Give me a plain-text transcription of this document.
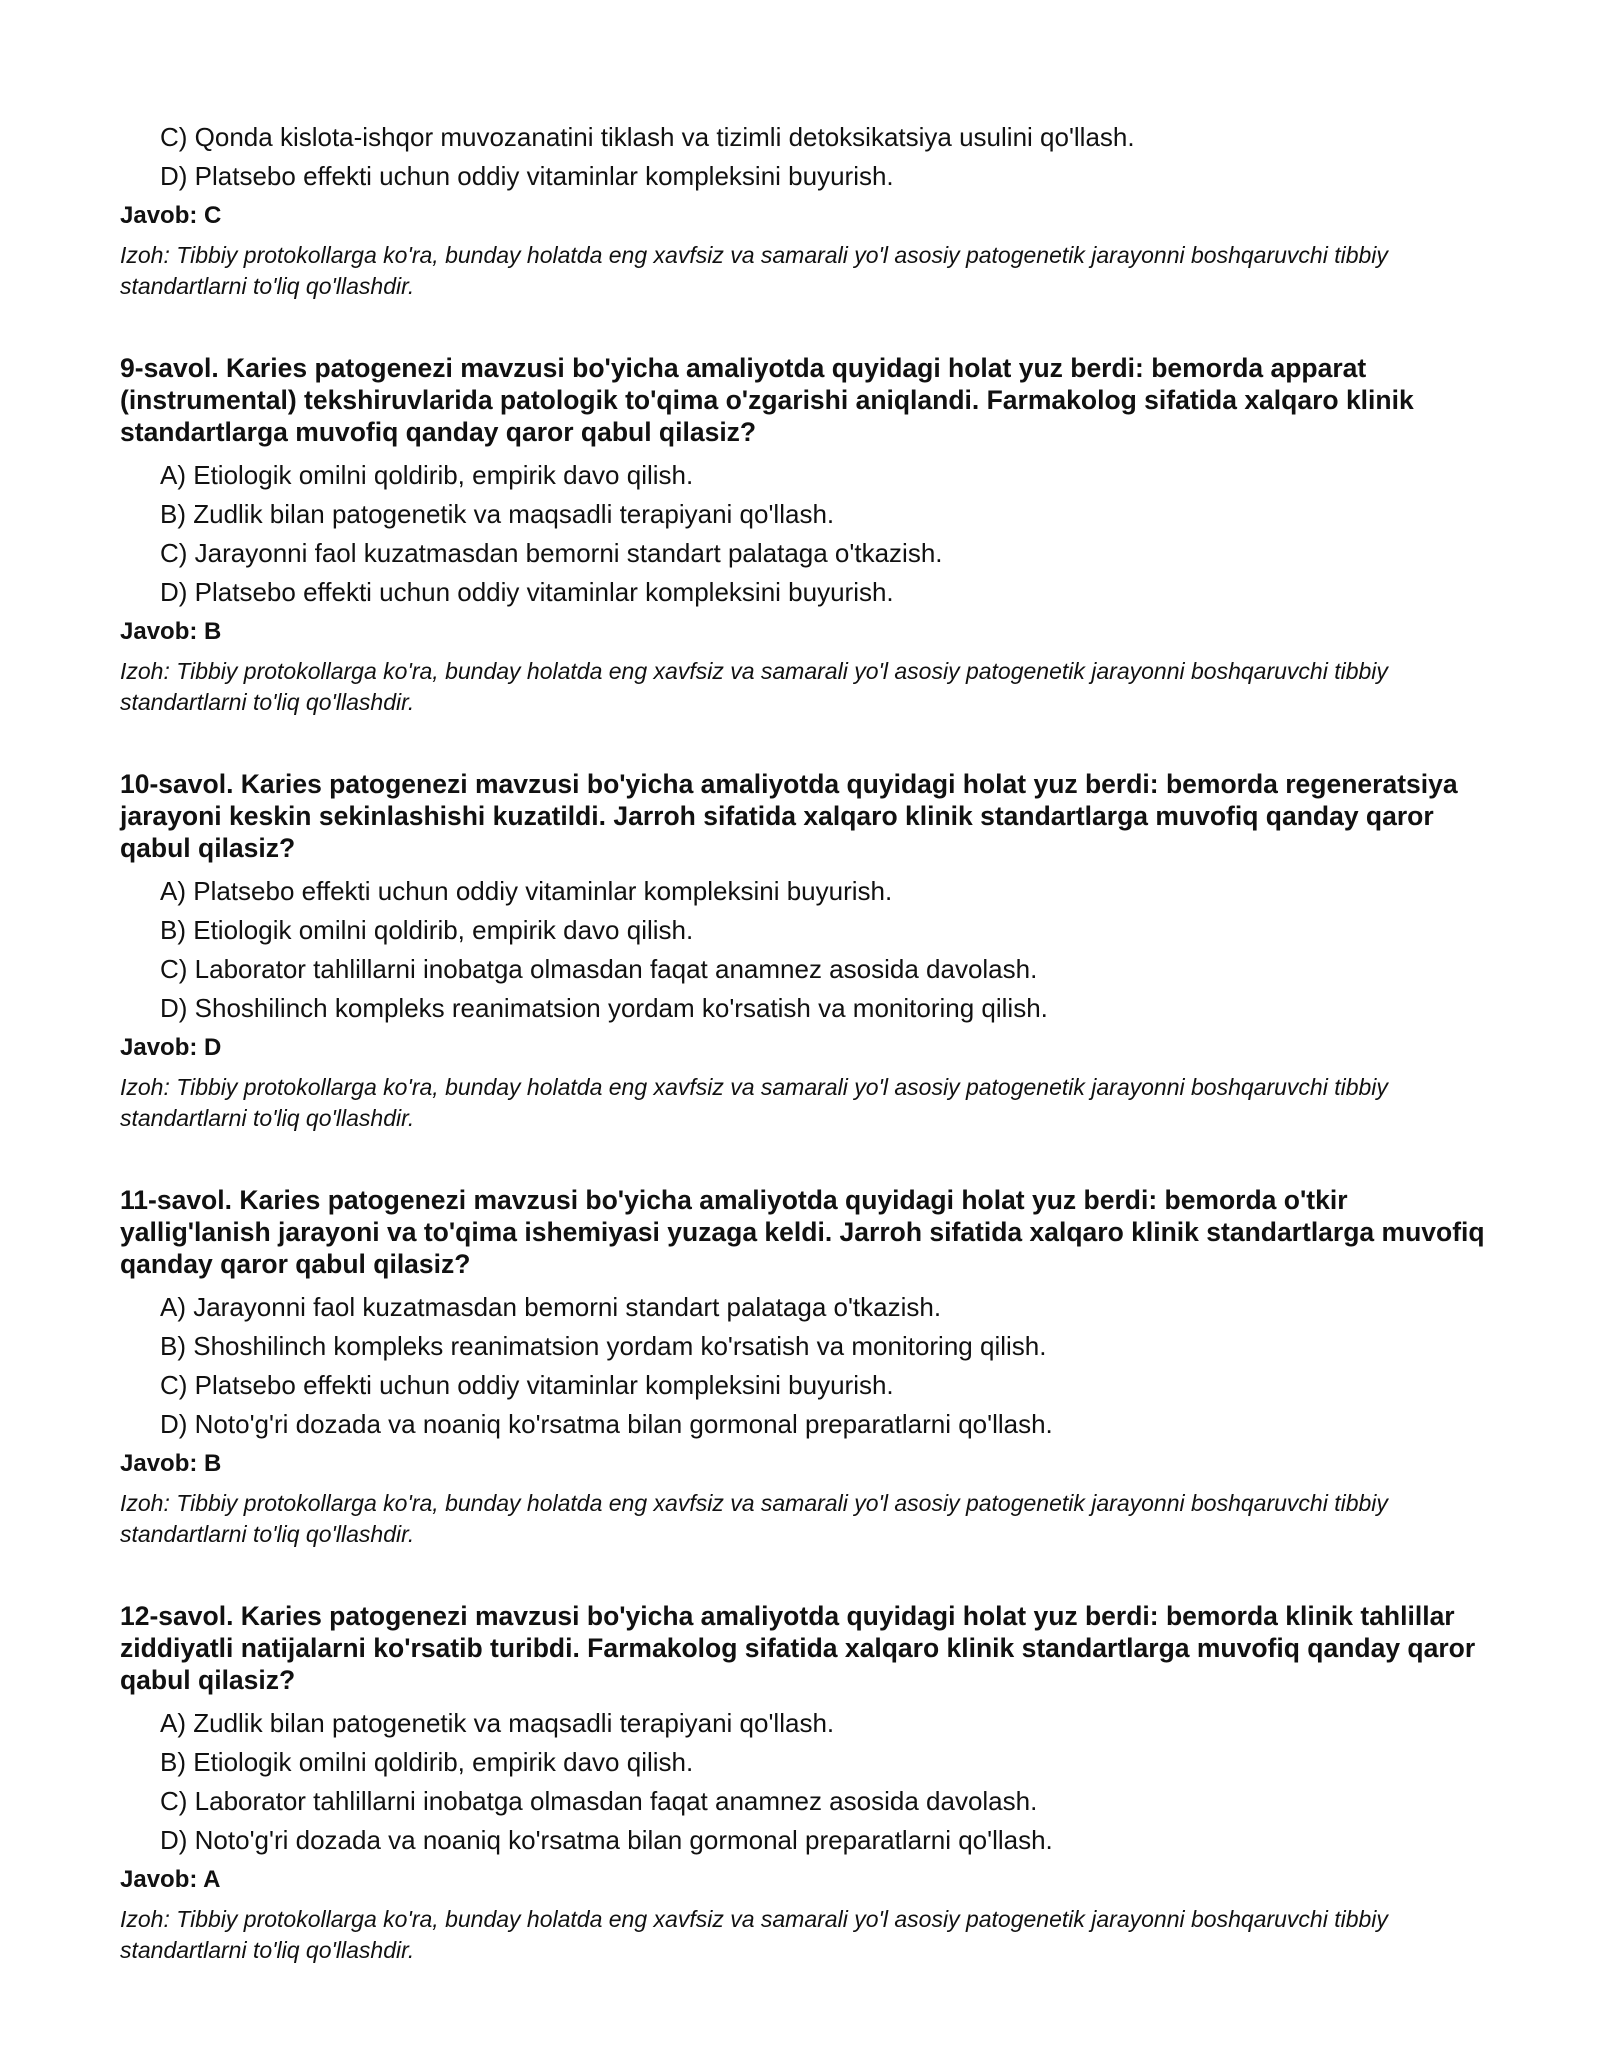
C) Qonda kislota-ishqor muvozanatini tiklash va tizimli detoksikatsiya usulini qo'llash.
D) Platsebo effekti uchun oddiy vitaminlar kompleksini buyurish.
Javob: C
Izoh: Tibbiy protokollarga ko'ra, bunday holatda eng xavfsiz va samarali yo'l asosiy patogenetik jarayonni boshqaruvchi tibbiy standartlarni to'liq qo'llashdir.
9-savol. Karies patogenezi mavzusi bo'yicha amaliyotda quyidagi holat yuz berdi: bemorda apparat (instrumental) tekshiruvlarida patologik to'qima o'zgarishi aniqlandi. Farmakolog sifatida xalqaro klinik standartlarga muvofiq qanday qaror qabul qilasiz?
A) Etiologik omilni qoldirib, empirik davo qilish.
B) Zudlik bilan patogenetik va maqsadli terapiyani qo'llash.
C) Jarayonni faol kuzatmasdan bemorni standart palataga o'tkazish.
D) Platsebo effekti uchun oddiy vitaminlar kompleksini buyurish.
Javob: B
Izoh: Tibbiy protokollarga ko'ra, bunday holatda eng xavfsiz va samarali yo'l asosiy patogenetik jarayonni boshqaruvchi tibbiy standartlarni to'liq qo'llashdir.
10-savol. Karies patogenezi mavzusi bo'yicha amaliyotda quyidagi holat yuz berdi: bemorda regeneratsiya jarayoni keskin sekinlashishi kuzatildi. Jarroh sifatida xalqaro klinik standartlarga muvofiq qanday qaror qabul qilasiz?
A) Platsebo effekti uchun oddiy vitaminlar kompleksini buyurish.
B) Etiologik omilni qoldirib, empirik davo qilish.
C) Laborator tahlillarni inobatga olmasdan faqat anamnez asosida davolash.
D) Shoshilinch kompleks reanimatsion yordam ko'rsatish va monitoring qilish.
Javob: D
Izoh: Tibbiy protokollarga ko'ra, bunday holatda eng xavfsiz va samarali yo'l asosiy patogenetik jarayonni boshqaruvchi tibbiy standartlarni to'liq qo'llashdir.
11-savol. Karies patogenezi mavzusi bo'yicha amaliyotda quyidagi holat yuz berdi: bemorda o'tkir yallig'lanish jarayoni va to'qima ishemiyasi yuzaga keldi. Jarroh sifatida xalqaro klinik standartlarga muvofiq qanday qaror qabul qilasiz?
A) Jarayonni faol kuzatmasdan bemorni standart palataga o'tkazish.
B) Shoshilinch kompleks reanimatsion yordam ko'rsatish va monitoring qilish.
C) Platsebo effekti uchun oddiy vitaminlar kompleksini buyurish.
D) Noto'g'ri dozada va noaniq ko'rsatma bilan gormonal preparatlarni qo'llash.
Javob: B
Izoh: Tibbiy protokollarga ko'ra, bunday holatda eng xavfsiz va samarali yo'l asosiy patogenetik jarayonni boshqaruvchi tibbiy standartlarni to'liq qo'llashdir.
12-savol. Karies patogenezi mavzusi bo'yicha amaliyotda quyidagi holat yuz berdi: bemorda klinik tahlillar ziddiyatli natijalarni ko'rsatib turibdi. Farmakolog sifatida xalqaro klinik standartlarga muvofiq qanday qaror qabul qilasiz?
A) Zudlik bilan patogenetik va maqsadli terapiyani qo'llash.
B) Etiologik omilni qoldirib, empirik davo qilish.
C) Laborator tahlillarni inobatga olmasdan faqat anamnez asosida davolash.
D) Noto'g'ri dozada va noaniq ko'rsatma bilan gormonal preparatlarni qo'llash.
Javob: A
Izoh: Tibbiy protokollarga ko'ra, bunday holatda eng xavfsiz va samarali yo'l asosiy patogenetik jarayonni boshqaruvchi tibbiy standartlarni to'liq qo'llashdir.
